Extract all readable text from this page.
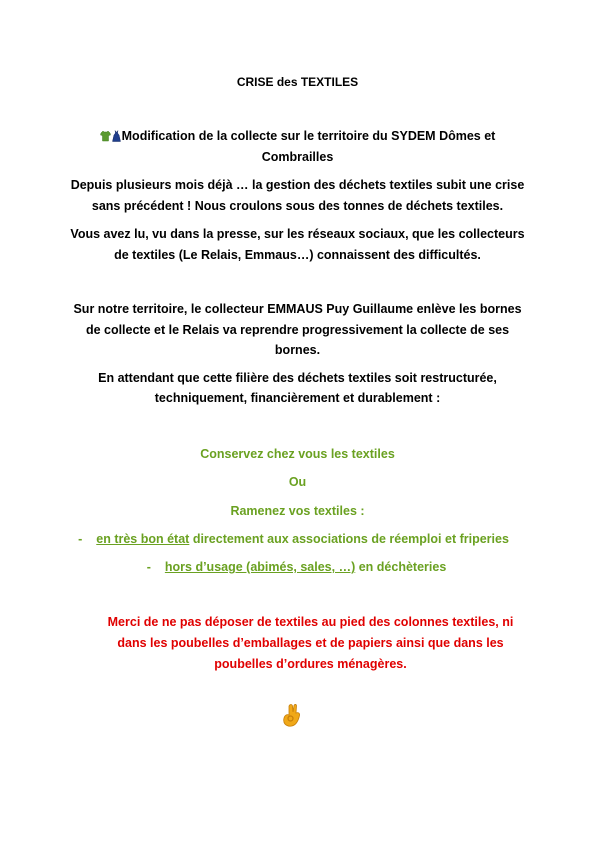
CRISE des TEXTILES
Modification de la collecte sur le territoire du SYDEM Dômes et
Combrailles
Depuis plusieurs mois déjà … la gestion des déchets textiles subit une crise
sans précédent ! Nous croulons sous des tonnes de déchets textiles.
Vous avez lu, vu dans la presse, sur les réseaux sociaux, que les collecteurs
de textiles (Le Relais, Emmaus…) connaissent des difficultés.
Sur notre territoire, le collecteur EMMAUS Puy Guillaume enlève les bornes
de collecte et le Relais va reprendre progressivement la collecte de ses
bornes.
En attendant que cette filière des déchets textiles soit restructurée,
techniquement, financièrement et durablement :
Conservez chez vous les textiles
Ou
Ramenez vos textiles :
- en très bon état directement aux associations de réemploi et friperies
- hors d’usage (abimés, sales, …) en déchèteries
Merci de ne pas déposer de textiles au pied des colonnes textiles, ni
dans les poubelles d’emballages et de papiers ainsi que dans les
poubelles d’ordures ménagères.
